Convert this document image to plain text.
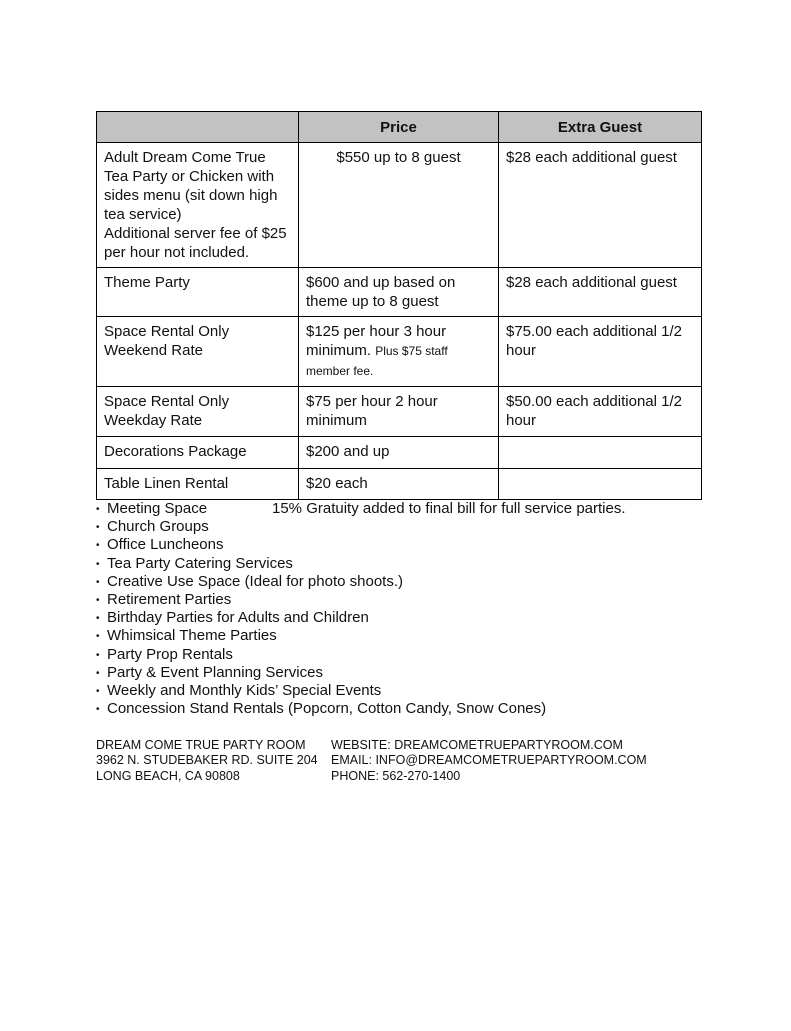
	Price	Extra Guest

Adult Dream Come True Tea Party or Chicken with sides menu (sit down high tea service)
Additional server fee of $25 per hour not included.	$550 up to 8 guest	$28 each additional guest
Theme Party	$600 and up based on theme up to 8 guest	$28 each additional guest
Space Rental Only Weekend Rate	$125 per hour 3 hour minimum. Plus $75 staff member fee.	$75.00 each additional 1/2 hour
Space Rental Only Weekday Rate	$75 per hour 2 hour minimum	$50.00 each additional 1/2 hour
Decorations Package	$200 and up	
Table Linen Rental	$20 each	
• Meeting Space	15% Gratuity added to final bill for full service parties.
• Church Groups
• Office Luncheons
• Tea Party Catering Services
• Creative Use Space (Ideal for photo shoots.)
• Retirement Parties
• Birthday Parties for Adults and Children
• Whimsical Theme Parties
• Party Prop Rentals
• Party & Event Planning Services
• Weekly and Monthly Kids’ Special Events
• Concession Stand Rentals (Popcorn, Cotton Candy, Snow Cones)
DREAM COME TRUE PARTY ROOM
3962 N. STUDEBAKER RD. SUITE 204
LONG BEACH, CA 90808
WEBSITE: DREAMCOMETRUEPARTYROOM.COM
EMAIL: INFO@DREAMCOMETRUEPARTYROOM.COM
PHONE: 562-270-1400
